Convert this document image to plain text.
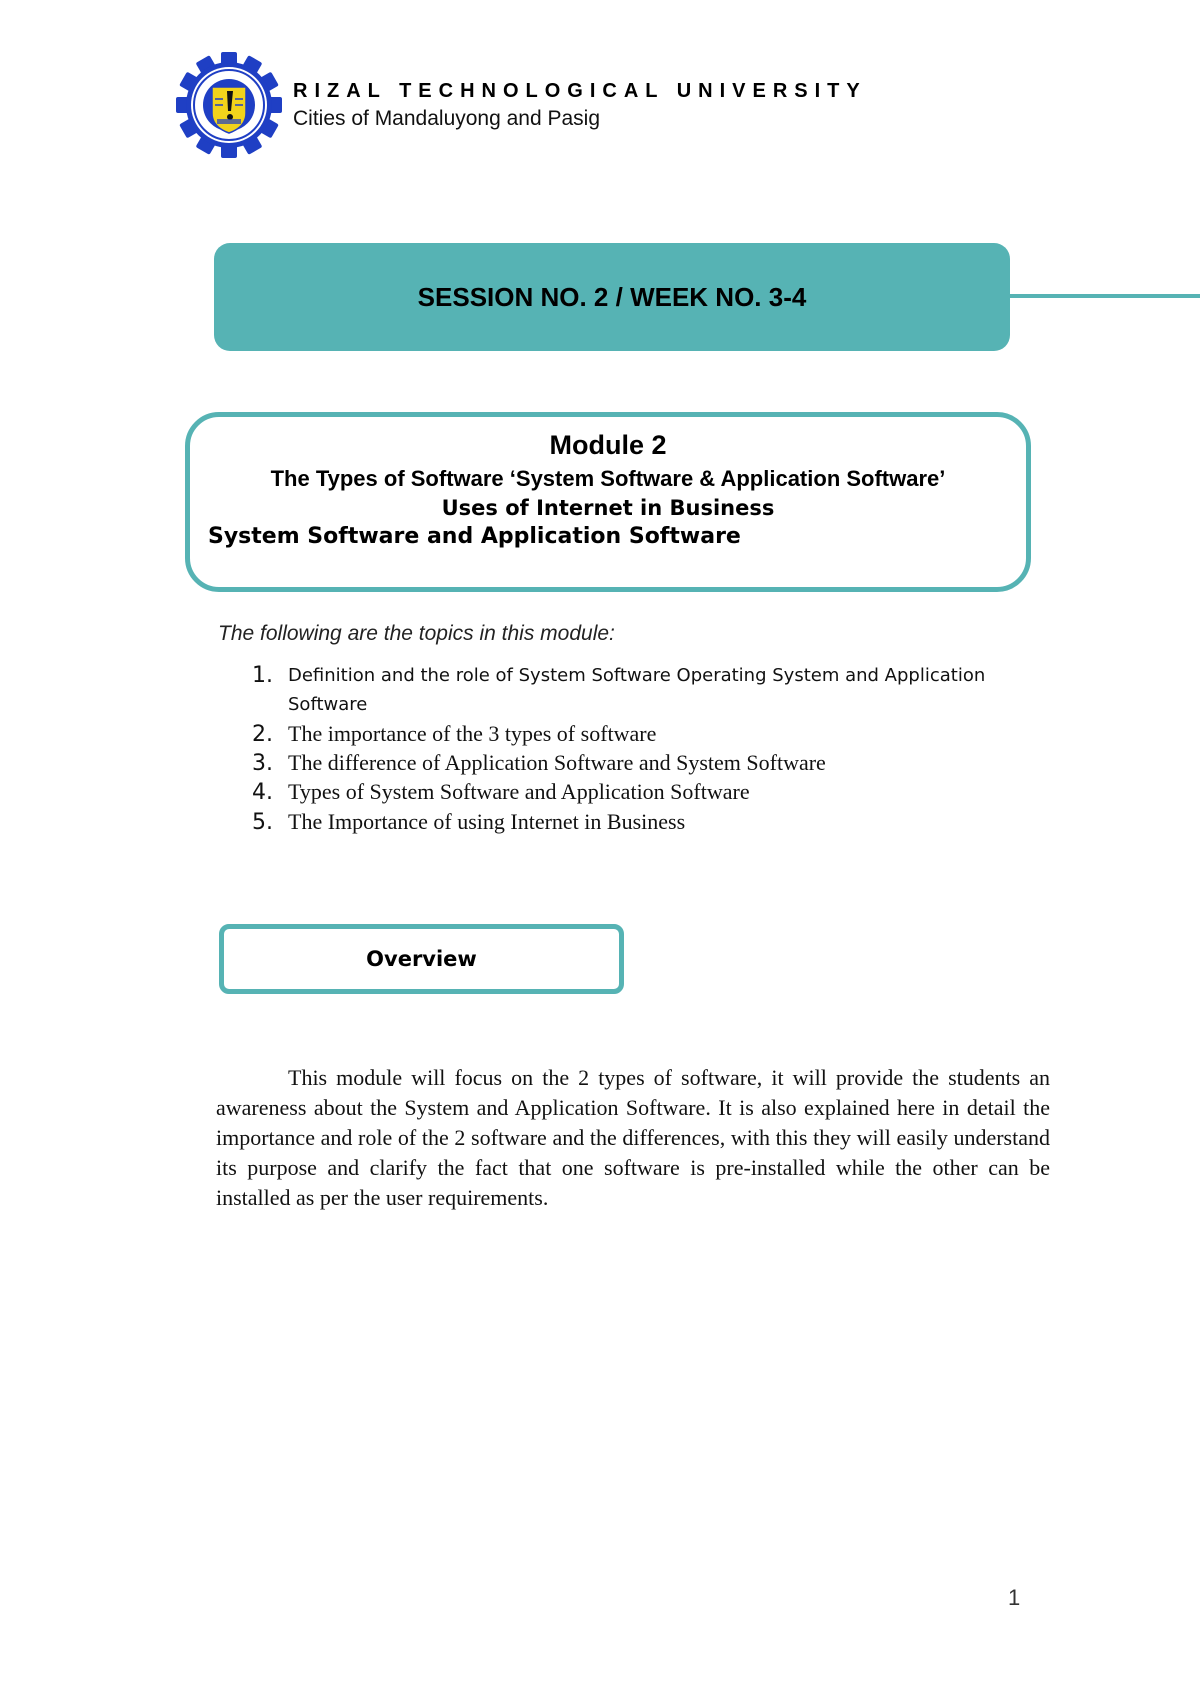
RIZAL TECHNOLOGICAL UNIVERSITY
Cities of Mandaluyong and Pasig
SESSION NO. 2 / WEEK NO. 3-4
Module 2
The Types of Software ‘System Software & Application Software’
Uses of Internet in Business
System Software and Application Software
The following are the topics in this module:
1. Definition and the role of System Software Operating System and Application Software
2. The importance of the 3 types of software
3. The difference of Application Software and System Software
4. Types of System Software and Application Software
5. The Importance of using Internet in Business
Overview
This module will focus on the 2 types of software, it will provide the students an awareness about the System and Application Software. It is also explained here in detail the importance and role of the 2 software and the differences, with this they will easily understand its purpose and clarify the fact that one software is pre-installed while the other can be installed as per the user requirements.
1
